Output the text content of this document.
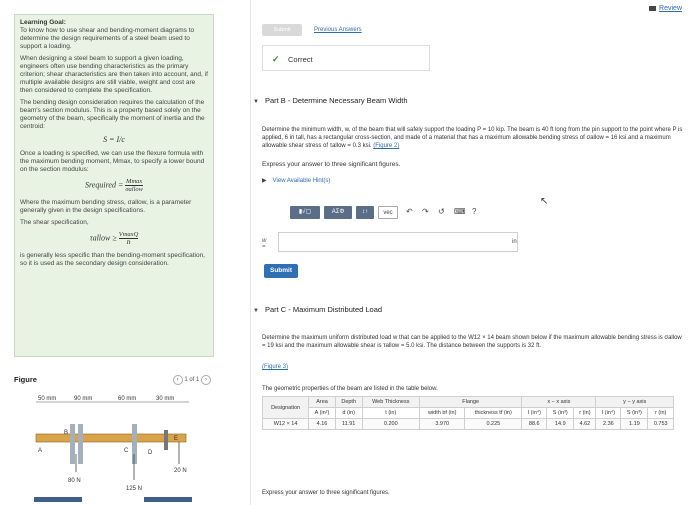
Review

Learning Goal:
To know how to use shear and bending-moment diagrams to determine the design requirements of a steel beam used to support a loading.

When designing a steel beam to support a given loading, engineers often use bending characteristics as the primary criterion; shear characteristics are then taken into account, and, if multiple available designs are still viable, weight and cost are then considered to complete the specification.

The bending design consideration requires the calculation of the beam's section modulus. This is a property based solely on the geometry of the beam, specifically the moment of inertia and the centroid:

S = I/c

Once a loading is specified, we can use the flexure formula with the maximum bending moment, Mmax, to specify a lower bound on the section modulus:

Srequired = $\frac{Mmax}{\text{σallow}}$

Where the maximum bending stress, σallow, is a parameter generally given in the design specifications.

The shear specification,

τallow ≥ $\frac{VmaxQ}{It}$

is generally less specific than the bending-moment specification, so it is used as the secondary design consideration.

Figure	‹ 1 of 1 ›
50 mm	90 mm	60 mm	30 mm
A
B
C	D
E
80 N
125 N
20 N
Submit	Previous Answers
✓ Correct
▼ Part B - Determine Necessary Beam Width
Determine the minimum width, w, of the beam that will safely support the loading P = 10 kip. The beam is 40 ft long from the pin support to the point where P is applied, 6 in tall, has a rectangular cross-section, and made of a material that has a maximum allowable bending stress of σallow = 16 ksi and a maximum allowable shear stress of τallow = 0.3 ksi. (Figure 2)
Express your answer to three significant figures.
▶ View Available Hint(s)
▮√▢	ΑΣΦ	↕↑	vec	↶ ↷ ↺ ⌨ ?
↖
w =
in
Submit
▼ Part C - Maximum Distributed Load
Determine the maximum uniform distributed load w that can be applied to the W12 × 14 beam shown below if the maximum allowable bending stress is σallow = 19 ksi and the maximum allowable shear is τallow = 5.0 ksi. The distance between the supports is 32 ft.
(Figure 3)
The geometric properties of the beam are listed in the table below.
Designation	Area	Depth	Web Thickness	Flange		x − x axis			y − y axis		
	A (in²)	d (in)	t (in)	width bf (in)	thickness tf (in)	I (in⁴)	S (in³)	r (in)	I (in⁴)	S (in³)	r (in)

W12 × 14	4.16	11.91	0.200	3.970	0.225	88.6	14.9	4.62	2.36	1.19	0.753
Express your answer to three significant figures.
